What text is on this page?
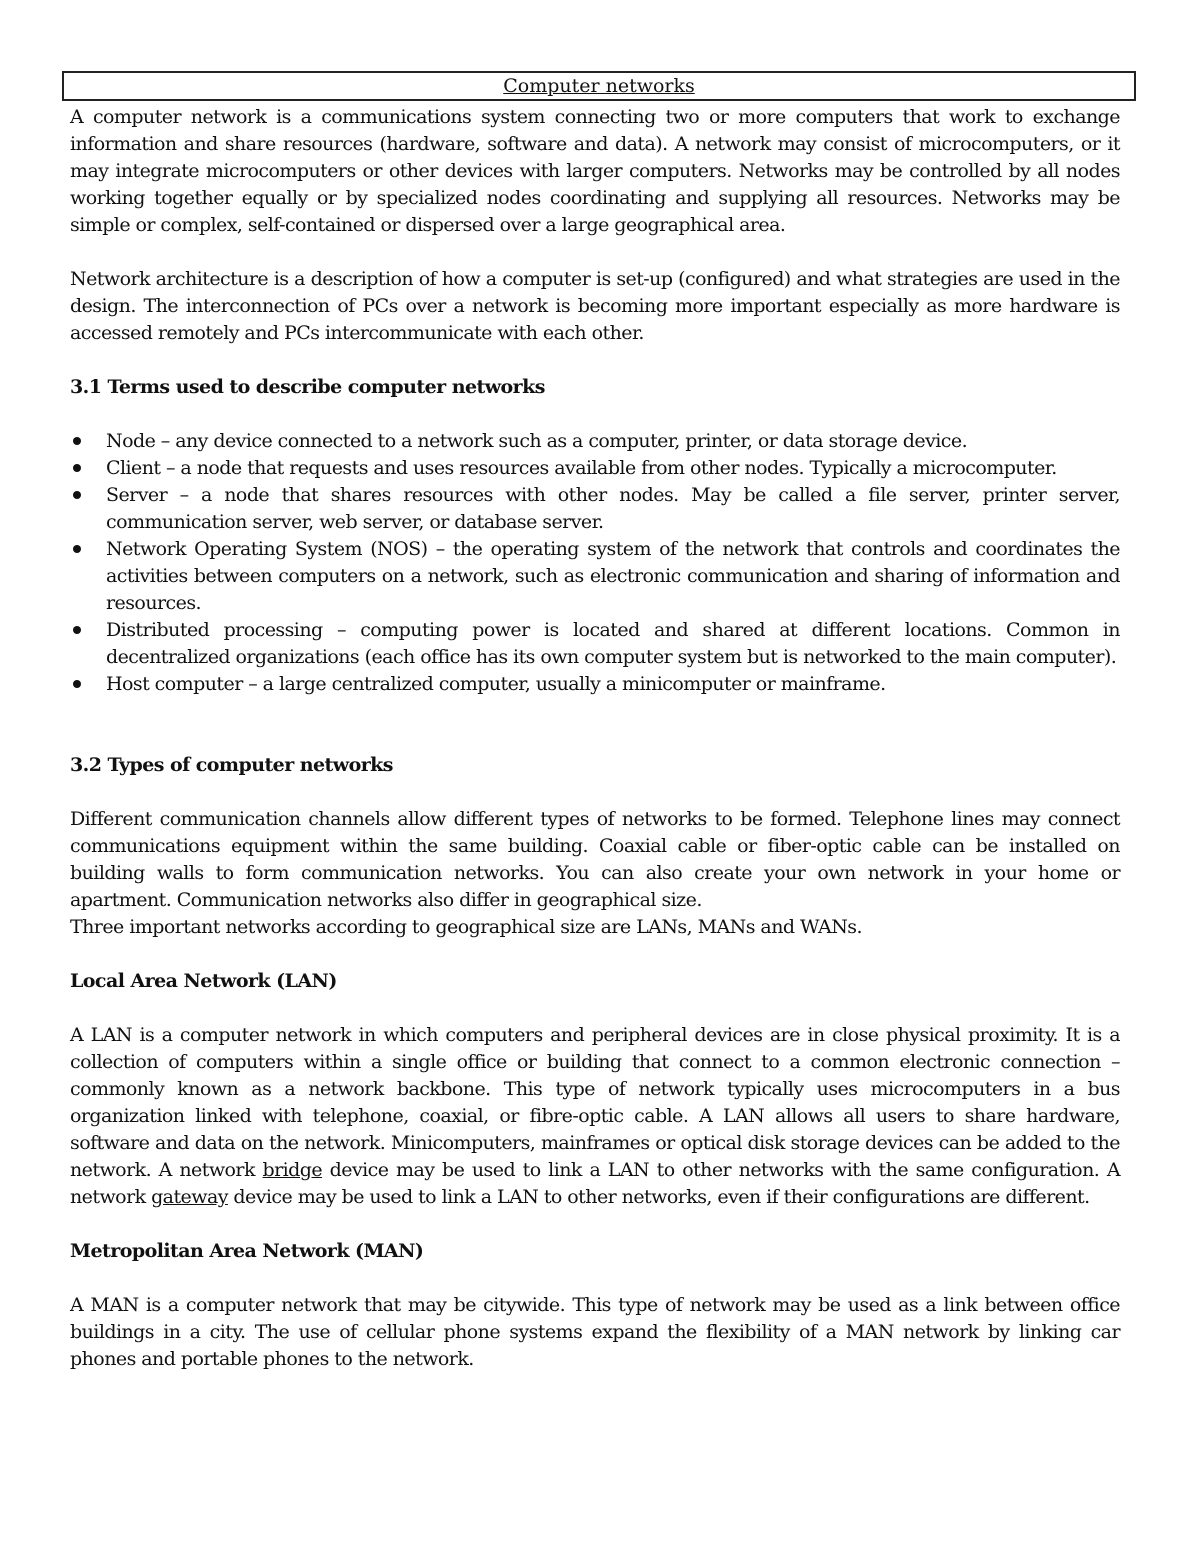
Computer networks

A computer network is a communications system connecting two or more computers that work to exchange information and share resources (hardware, software and data). A network may consist of microcomputers, or it may integrate microcomputers or other devices with larger computers. Networks may be controlled by all nodes working together equally or by specialized nodes coordinating and supplying all resources. Networks may be simple or complex, self-contained or dispersed over a large geographical area.

Network architecture is a description of how a computer is set-up (configured) and what strategies are used in the design. The interconnection of PCs over a network is becoming more important especially as more hardware is accessed remotely and PCs intercommunicate with each other.

3.1 Terms used to describe computer networks
Node – any device connected to a network such as a computer, printer, or data storage device.
Client – a node that requests and uses resources available from other nodes. Typically a microcomputer.
Server – a node that shares resources with other nodes. May be called a file server, printer server, communication server, web server, or database server.
Network Operating System (NOS) – the operating system of the network that controls and coordinates the activities between computers on a network, such as electronic communication and sharing of information and resources.
Distributed processing – computing power is located and shared at different locations. Common in decentralized organizations (each office has its own computer system but is networked to the main computer).
Host computer – a large centralized computer, usually a minicomputer or mainframe.
3.2 Types of computer networks

Different communication channels allow different types of networks to be formed. Telephone lines may connect communications equipment within the same building. Coaxial cable or fiber-optic cable can be installed on building walls to form communication networks. You can also create your own network in your home or apartment. Communication networks also differ in geographical size.

Three important networks according to geographical size are LANs, MANs and WANs.

Local Area Network (LAN)

A LAN is a computer network in which computers and peripheral devices are in close physical proximity. It is a collection of computers within a single office or building that connect to a common electronic connection – commonly known as a network backbone. This type of network typically uses microcomputers in a bus organization linked with telephone, coaxial, or fibre-optic cable. A LAN allows all users to share hardware, software and data on the network. Minicomputers, mainframes or optical disk storage devices can be added to the network. A network bridge device may be used to link a LAN to other networks with the same configuration. A network gateway device may be used to link a LAN to other networks, even if their configurations are different.

Metropolitan Area Network (MAN)

A MAN is a computer network that may be citywide. This type of network may be used as a link between office buildings in a city. The use of cellular phone systems expand the flexibility of a MAN network by linking car phones and portable phones to the network.
